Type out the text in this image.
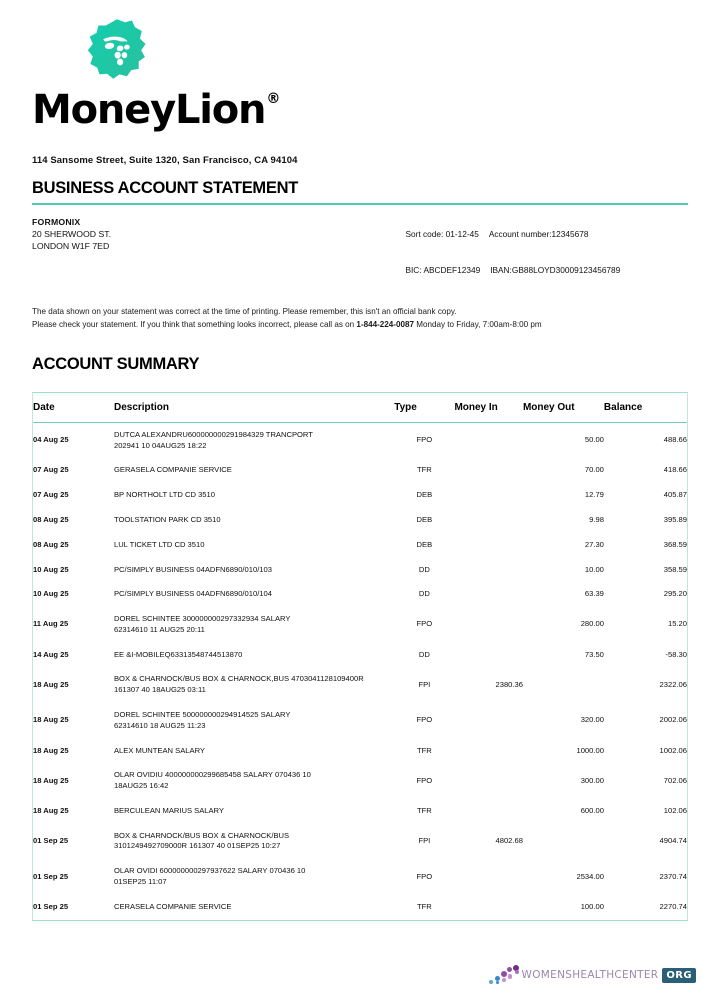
Money Lion ®
114 Sansome Street, Suite 1320, San Francisco, CA 94104
BUSINESS ACCOUNT STATEMENT
FORMONIX
20 SHERWOOD ST.
LONDON W1F 7ED

Sort code: 01-12-45 Account number:12345678

BIC: ABCDEF12349 IBAN:GB88LOYD30009123456789

The data shown on your statement was correct at the time of printing. Please remember, this isn't an official bank copy.
Please check your statement. If you think that something looks incorrect, please call as on 1-844-224-0087 Monday to Friday, 7:00am-8:00 pm
ACCOUNT SUMMARY
Date	Description	Type	Money In	Money Out	Balance
04 Aug 25	DUTCA ALEXANDRU600000000291984329 TRANCPORT
202941 10 04AUG25 18:22	FPO		50.00	488.66
07 Aug 25	GERASELA COMPANIE SERVICE	TFR		70.00	418.66
07 Aug 25	BP NORTHOLT LTD CD 3510	DEB		12.79	405.87
08 Aug 25	TOOLSTATION PARK CD 3510	DEB		9.98	395.89
08 Aug 25	LUL TICKET LTD CD 3510	DEB		27.30	368.59
10 Aug 25	PC/SIMPLY BUSINESS 04ADFN6890/010/103	DD		10.00	358.59
10 Aug 25	PC/SIMPLY BUSINESS 04ADFN6890/010/104	DD		63.39	295.20
11 Aug 25	DOREL SCHINTEE 300000000297332934 SALARY
62314610 11 AUG25 20:11	FPO		280.00	15.20
14 Aug 25	EE &I-MOBILEQ63313548744513870	DD		73.50	-58.30
18 Aug 25	BOX & CHARNOCK/BUS BOX & CHARNOCK,BUS 4703041128109400R
161307 40 18AUG25 03:11	FPI	2380.36		2322.06
18 Aug 25	DOREL SCHINTEE 500000000294914525 SALARY
62314610 18 AUG25 11:23	FPO		320.00	2002.06
18 Aug 25	ALEX MUNTEAN SALARY	TFR		1000.00	1002.06
18 Aug 25	OLAR OVIDIU 400000000299685458 SALARY 070436 10
18AUG25 16:42	FPO		300.00	702.06
18 Aug 25	BERCULEAN MARIUS SALARY	TFR		600.00	102.06
01 Sep 25	BOX & CHARNOCK/BUS BOX & CHARNOCK/BUS
3101249492709000R 161307 40 01SEP25 10:27	FPI	4802.68		4904.74
01 Sep 25	OLAR OVIDI 600000000297937622 SALARY 070436 10
01SEP25 11:07	FPO		2534.00	2370.74
01 Sep 25	CERASELA COMPANIE SERVICE	TFR		100.00	2270.74
WOMENSHEALTHCENTER ORG
